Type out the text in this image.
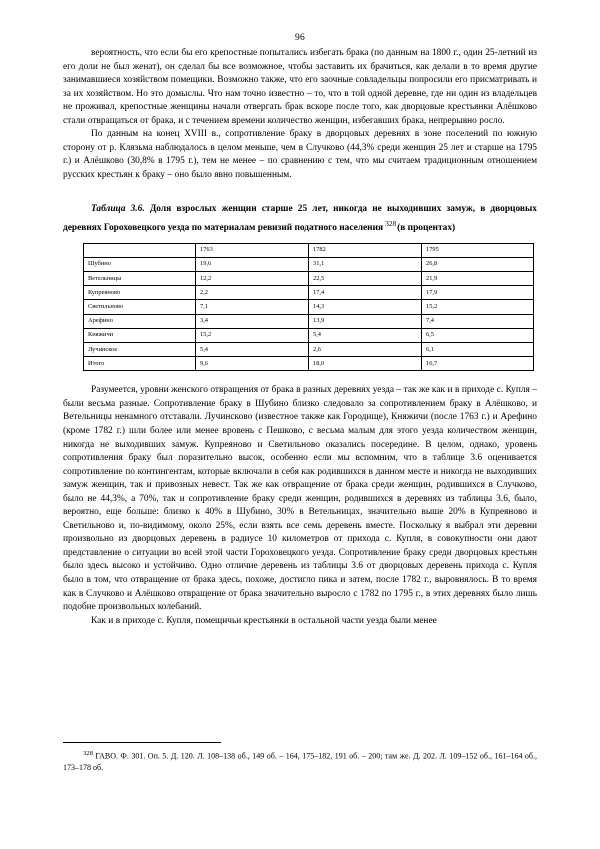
96

вероятность, что если бы его крепостные попытались избегать брака (по данным на 1800 г., один 25-летний из его доли не был женат), он сделал бы все возможное, чтобы заставить их брачиться, как делали в то время другие занимавшиеся хозяйством помещики. Возможно также, что его заочные совладельцы попросили его присматривать и за их хозяйством. Но это домыслы. Что нам точно известно – то, что в той одной деревне, где ни один из владельцев не проживал, крепостные женщины начали отвергать брак вскоре после того, как дворцовые крестьянки Алёшково стали отвращаться от брака, и с течением времени количество женщин, избегавших брака, непрерывно росло.

По данным на конец XVIII в., сопротивление браку в дворцовых деревнях в зоне поселений по южную сторону от р. Клязьма наблюдалось в целом меньше, чем в Случково (44,3% среди женщин 25 лет и старше на 1795 г.) и Алёшково (30,8% в 1795 г.), тем не менее – по сравнению с тем, что мы считаем традиционным отношением русских крестьян к браку – оно было явно повышенным.

Таблица 3.6. Доля взрослых женщин старше 25 лет, никогда не выходивших замуж, в дворцовых деревнях Гороховецкого уезда по материалам ревизий податного населения $^{328}$(в процентах)

	1763	1782	1795
Шубино	19,6	31,1	26,8
Ветельницы	12,2	22,5	21,9
Купреяново	2,2	17,4	17,9
Светильново	7,1	14,3	15,2
Арефино	3,4	13,9	7,4
Княжичи	15,2	5,4	6,5
Лучинское	5,4	2,6	6,1
Итого	9,6	18,0	16,7

Разумеется, уровни женского отвращения от брака в разных деревнях уезда – так же как и в приходе с. Купля – были весьма разные. Сопротивление браку в Шубино близко следовало за сопротивлением браку в Алёшково, и Ветельницы ненамного отставали. Лучинсково (известное также как Городище), Княжичи (после 1763 г.) и Арефино (кроме 1782 г.) шли более или менее вровень с Пешково, с весьма малым для этого уезда количеством женщин, никогда не выходивших замуж. Купреяново и Светильново оказались посередине. В целом, однако, уровень сопротивления браку был поразительно высок, особенно если мы вспомним, что в таблице 3.6 оценивается сопротивление по контингентам, которые включали в себя как родившихся в данном месте и никогда не выходивших замуж женщин, так и привозных невест. Так же как отвращение от брака среди женщин, родившихся в Случково, было не 44,3%, а 70%, так и сопротивление браку среди женщин, родившихся в деревнях из таблицы 3.6, было, вероятно, еще больше: близко к 40% в Шубино, 30% в Ветельницах, значительно выше 20% в Купреяново и Светильново и, по-видимому, около 25%, если взять все семь деревень вместе. Поскольку я выбрал эти деревни произвольно из дворцовых деревень в радиусе 10 километров от прихода с. Купля, в совокупности они дают представление о ситуации во всей этой части Гороховецкого уезда. Сопротивление браку среди дворцовых крестьян было здесь высоко и устойчиво. Одно отличие деревень из таблицы 3.6 от дворцовых деревень прихода с. Купля было в том, что отвращение от брака здесь, похоже, достигло пика и затем, после 1782 г., выровнялось. В то время как в Случково и Алёшково отвращение от брака значительно выросло с 1782 по 1795 г., в этих деревнях было лишь подобие произвольных колебаний.

Как и в приходе с. Купля, помещичьи крестьянки в остальной части уезда были менее

$^{328}$ ГАВО. Ф. 301. Оп. 5. Д. 120. Л. 108–138 об., 149 об. – 164, 175–182, 191 об. – 200; там же. Д. 202. Л. 109–152 об., 161–164 об., 173–178 об.
